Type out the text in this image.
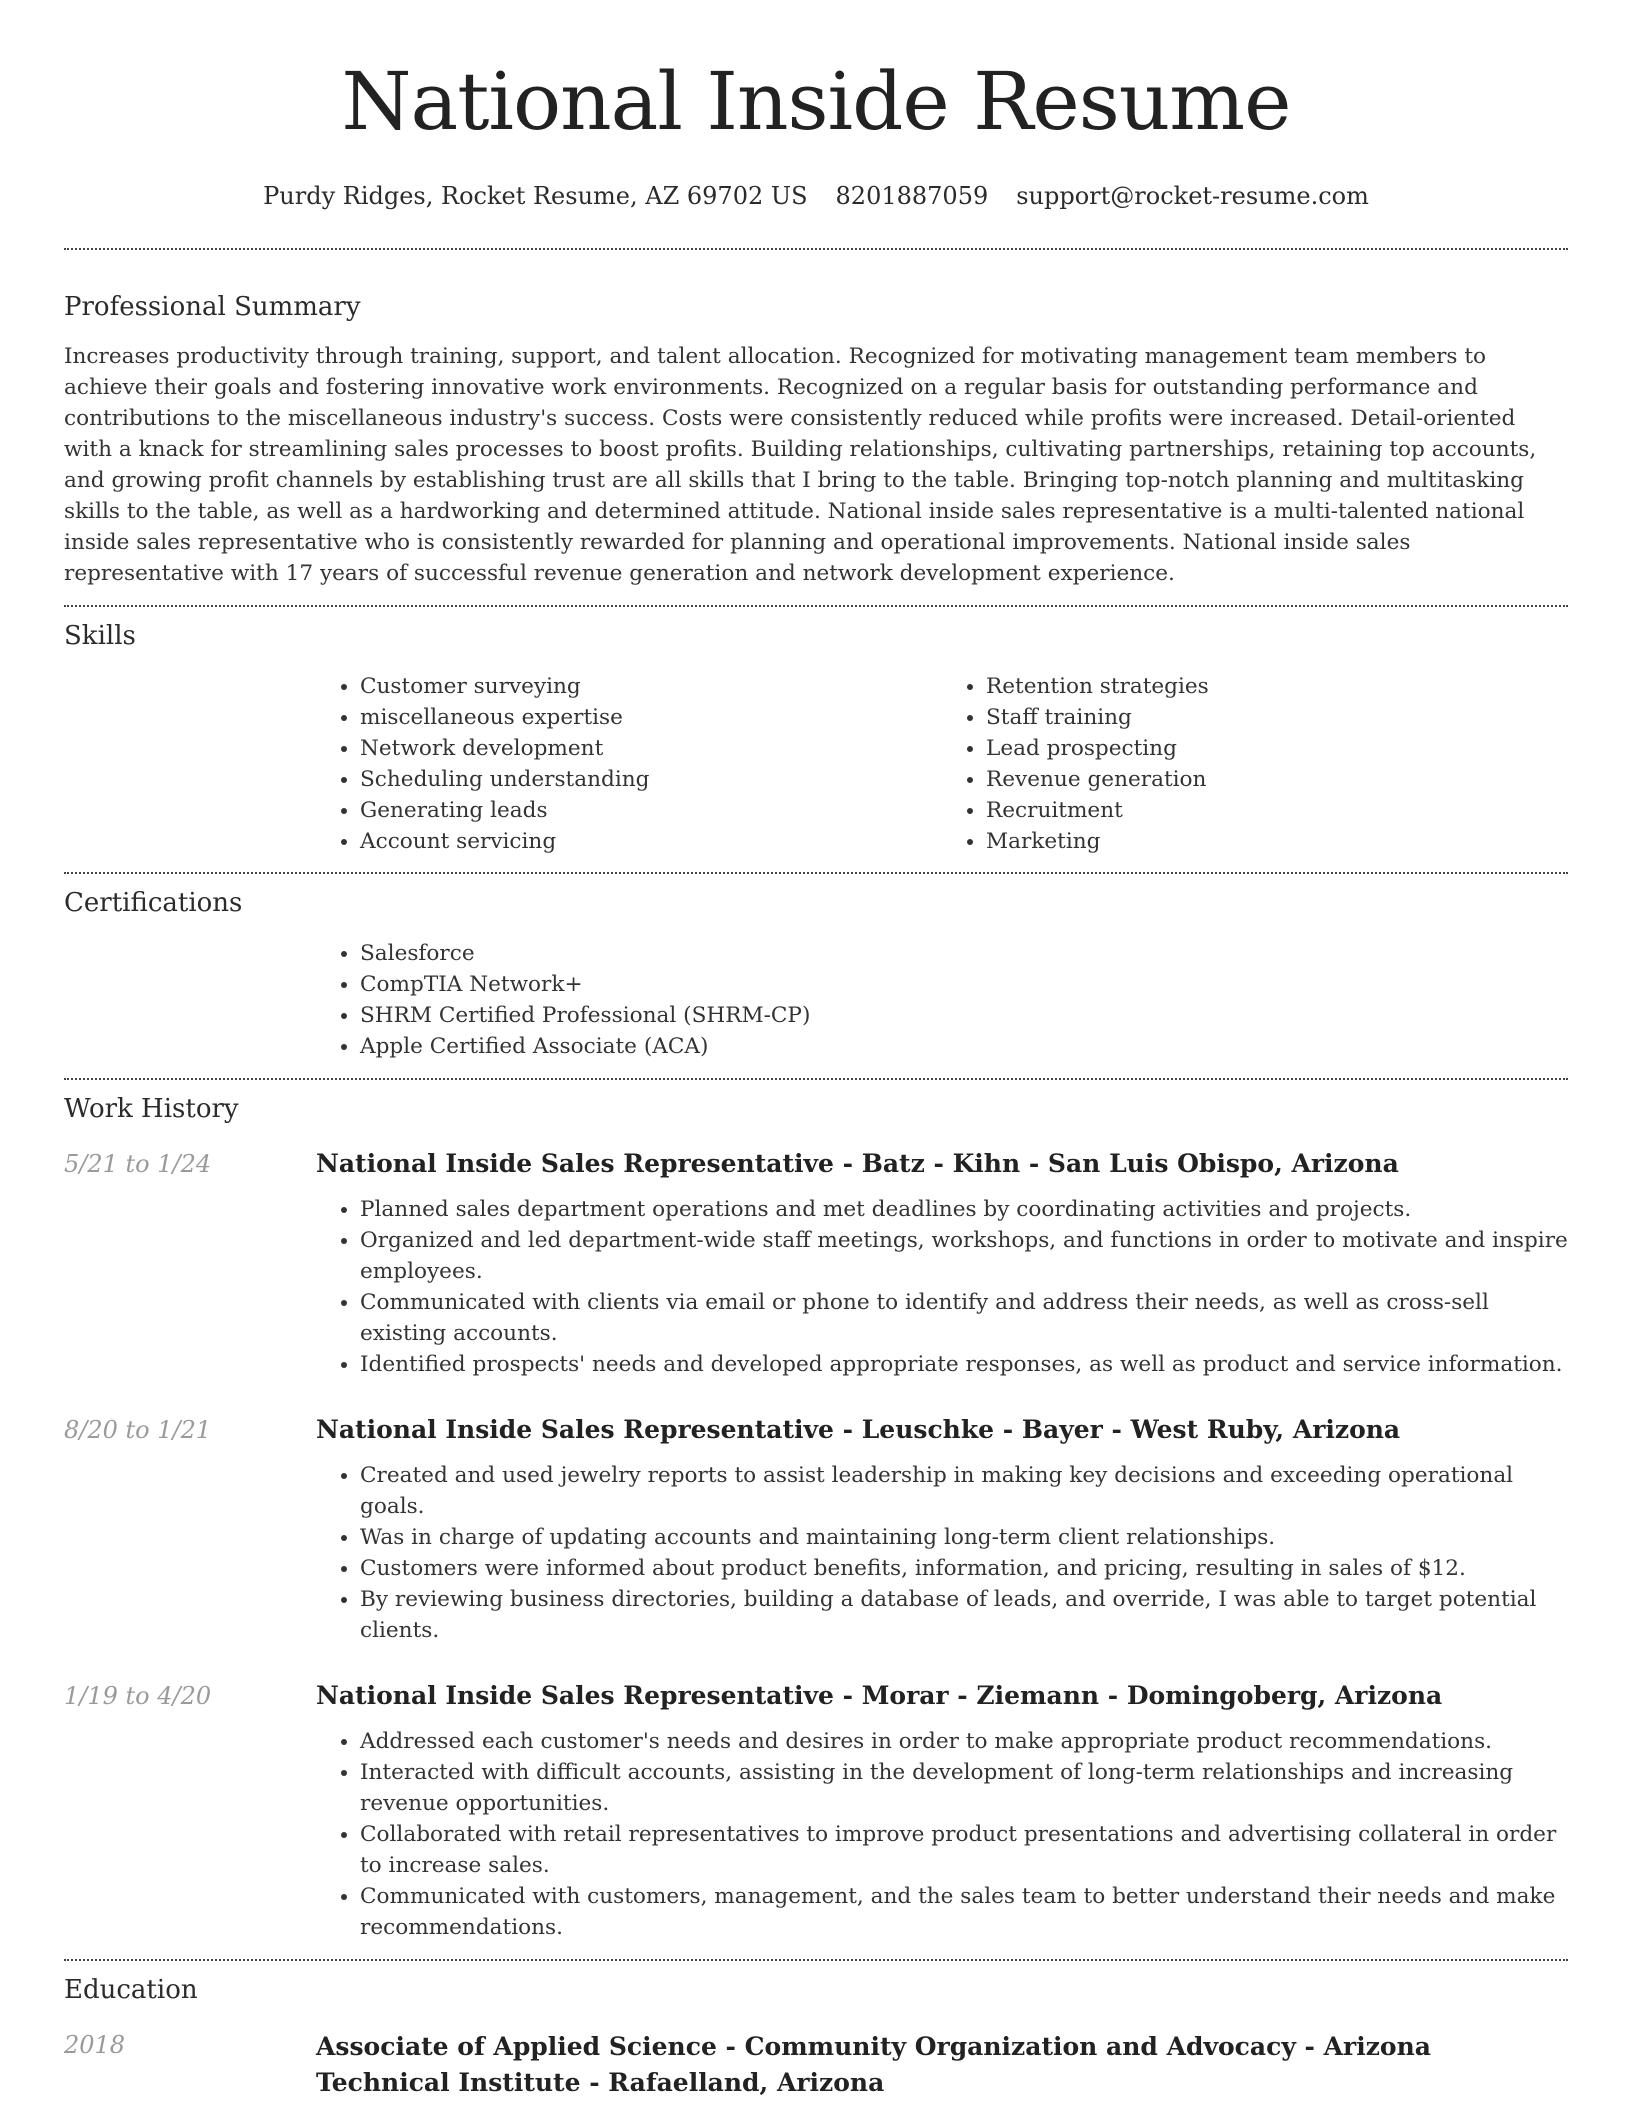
National Inside Resume
Purdy Ridges, Rocket Resume, AZ 69702 US 8201887059 support@rocket-resume.com
Professional Summary

Increases productivity through training, support, and talent allocation. Recognized for motivating management team members to achieve their goals and fostering innovative work environments. Recognized on a regular basis for outstanding performance and contributions to the miscellaneous industry's success. Costs were consistently reduced while profits were increased. Detail-oriented with a knack for streamlining sales processes to boost profits. Building relationships, cultivating partnerships, retaining top accounts, and growing profit channels by establishing trust are all skills that I bring to the table. Bringing top-notch planning and multitasking skills to the table, as well as a hardworking and determined attitude. National inside sales representative is a multi-talented national inside sales representative who is consistently rewarded for planning and operational improvements. National inside sales representative with 17 years of successful revenue generation and network development experience.

Skills
• Customer surveying
• miscellaneous expertise
• Network development
• Scheduling understanding
• Generating leads
• Account servicing
• Retention strategies
• Staff training
• Lead prospecting
• Revenue generation
• Recruitment
• Marketing
Certifications
• Salesforce
• CompTIA Network+
• SHRM Certified Professional (SHRM-CP)
• Apple Certified Associate (ACA)
Work History
5/21 to 1/24	National Inside Sales Representative - Batz - Kihn - San Luis Obispo, Arizona
• Planned sales department operations and met deadlines by coordinating activities and projects.
• Organized and led department-wide staff meetings, workshops, and functions in order to motivate and inspire employees.
• Communicated with clients via email or phone to identify and address their needs, as well as cross-sell existing accounts.
• Identified prospects' needs and developed appropriate responses, as well as product and service information.
8/20 to 1/21	National Inside Sales Representative - Leuschke - Bayer - West Ruby, Arizona
• Created and used jewelry reports to assist leadership in making key decisions and exceeding operational goals.
• Was in charge of updating accounts and maintaining long-term client relationships.
• Customers were informed about product benefits, information, and pricing, resulting in sales of $12.
• By reviewing business directories, building a database of leads, and override, I was able to target potential clients.
1/19 to 4/20	National Inside Sales Representative - Morar - Ziemann - Domingoberg, Arizona
• Addressed each customer's needs and desires in order to make appropriate product recommendations.
• Interacted with difficult accounts, assisting in the development of long-term relationships and increasing revenue opportunities.
• Collaborated with retail representatives to improve product presentations and advertising collateral in order to increase sales.
• Communicated with customers, management, and the sales team to better understand their needs and make recommendations.
Education
2018	Associate of Applied Science - Community Organization and Advocacy - Arizona Technical Institute - Rafaelland, Arizona
